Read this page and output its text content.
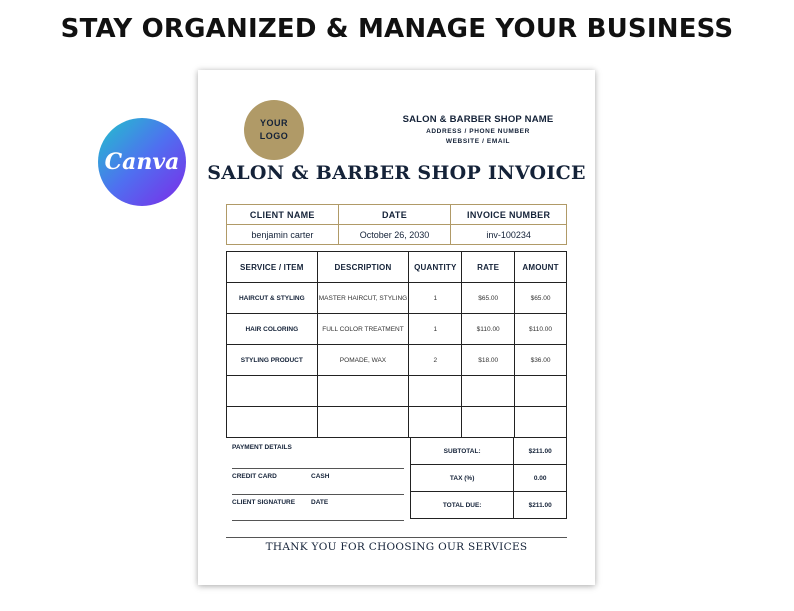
STAY ORGANIZED & MANAGE YOUR BUSINESS
Canva
YOUR
LOGO
SALON & BARBER SHOP NAME
ADDRESS / PHONE NUMBER
WEBSITE / EMAIL
SALON & BARBER SHOP INVOICE
CLIENT NAME	DATE	INVOICE NUMBER
benjamin carter	October 26, 2030	inv-100234
SERVICE / ITEM	DESCRIPTION	QUANTITY	RATE	AMOUNT
HAIRCUT & STYLING	MASTER HAIRCUT, STYLING	1	$65.00	$65.00
HAIR COLORING	FULL COLOR TREATMENT	1	$110.00	$110.00
STYLING PRODUCT	POMADE, WAX	2	$18.00	$36.00

PAYMENT DETAILS
CREDIT CARD	CASH
CLIENT SIGNATURE	DATE
SUBTOTAL:	$211.00
TAX (%)	0.00
TOTAL DUE:	$211.00
THANK YOU FOR CHOOSING OUR SERVICES
